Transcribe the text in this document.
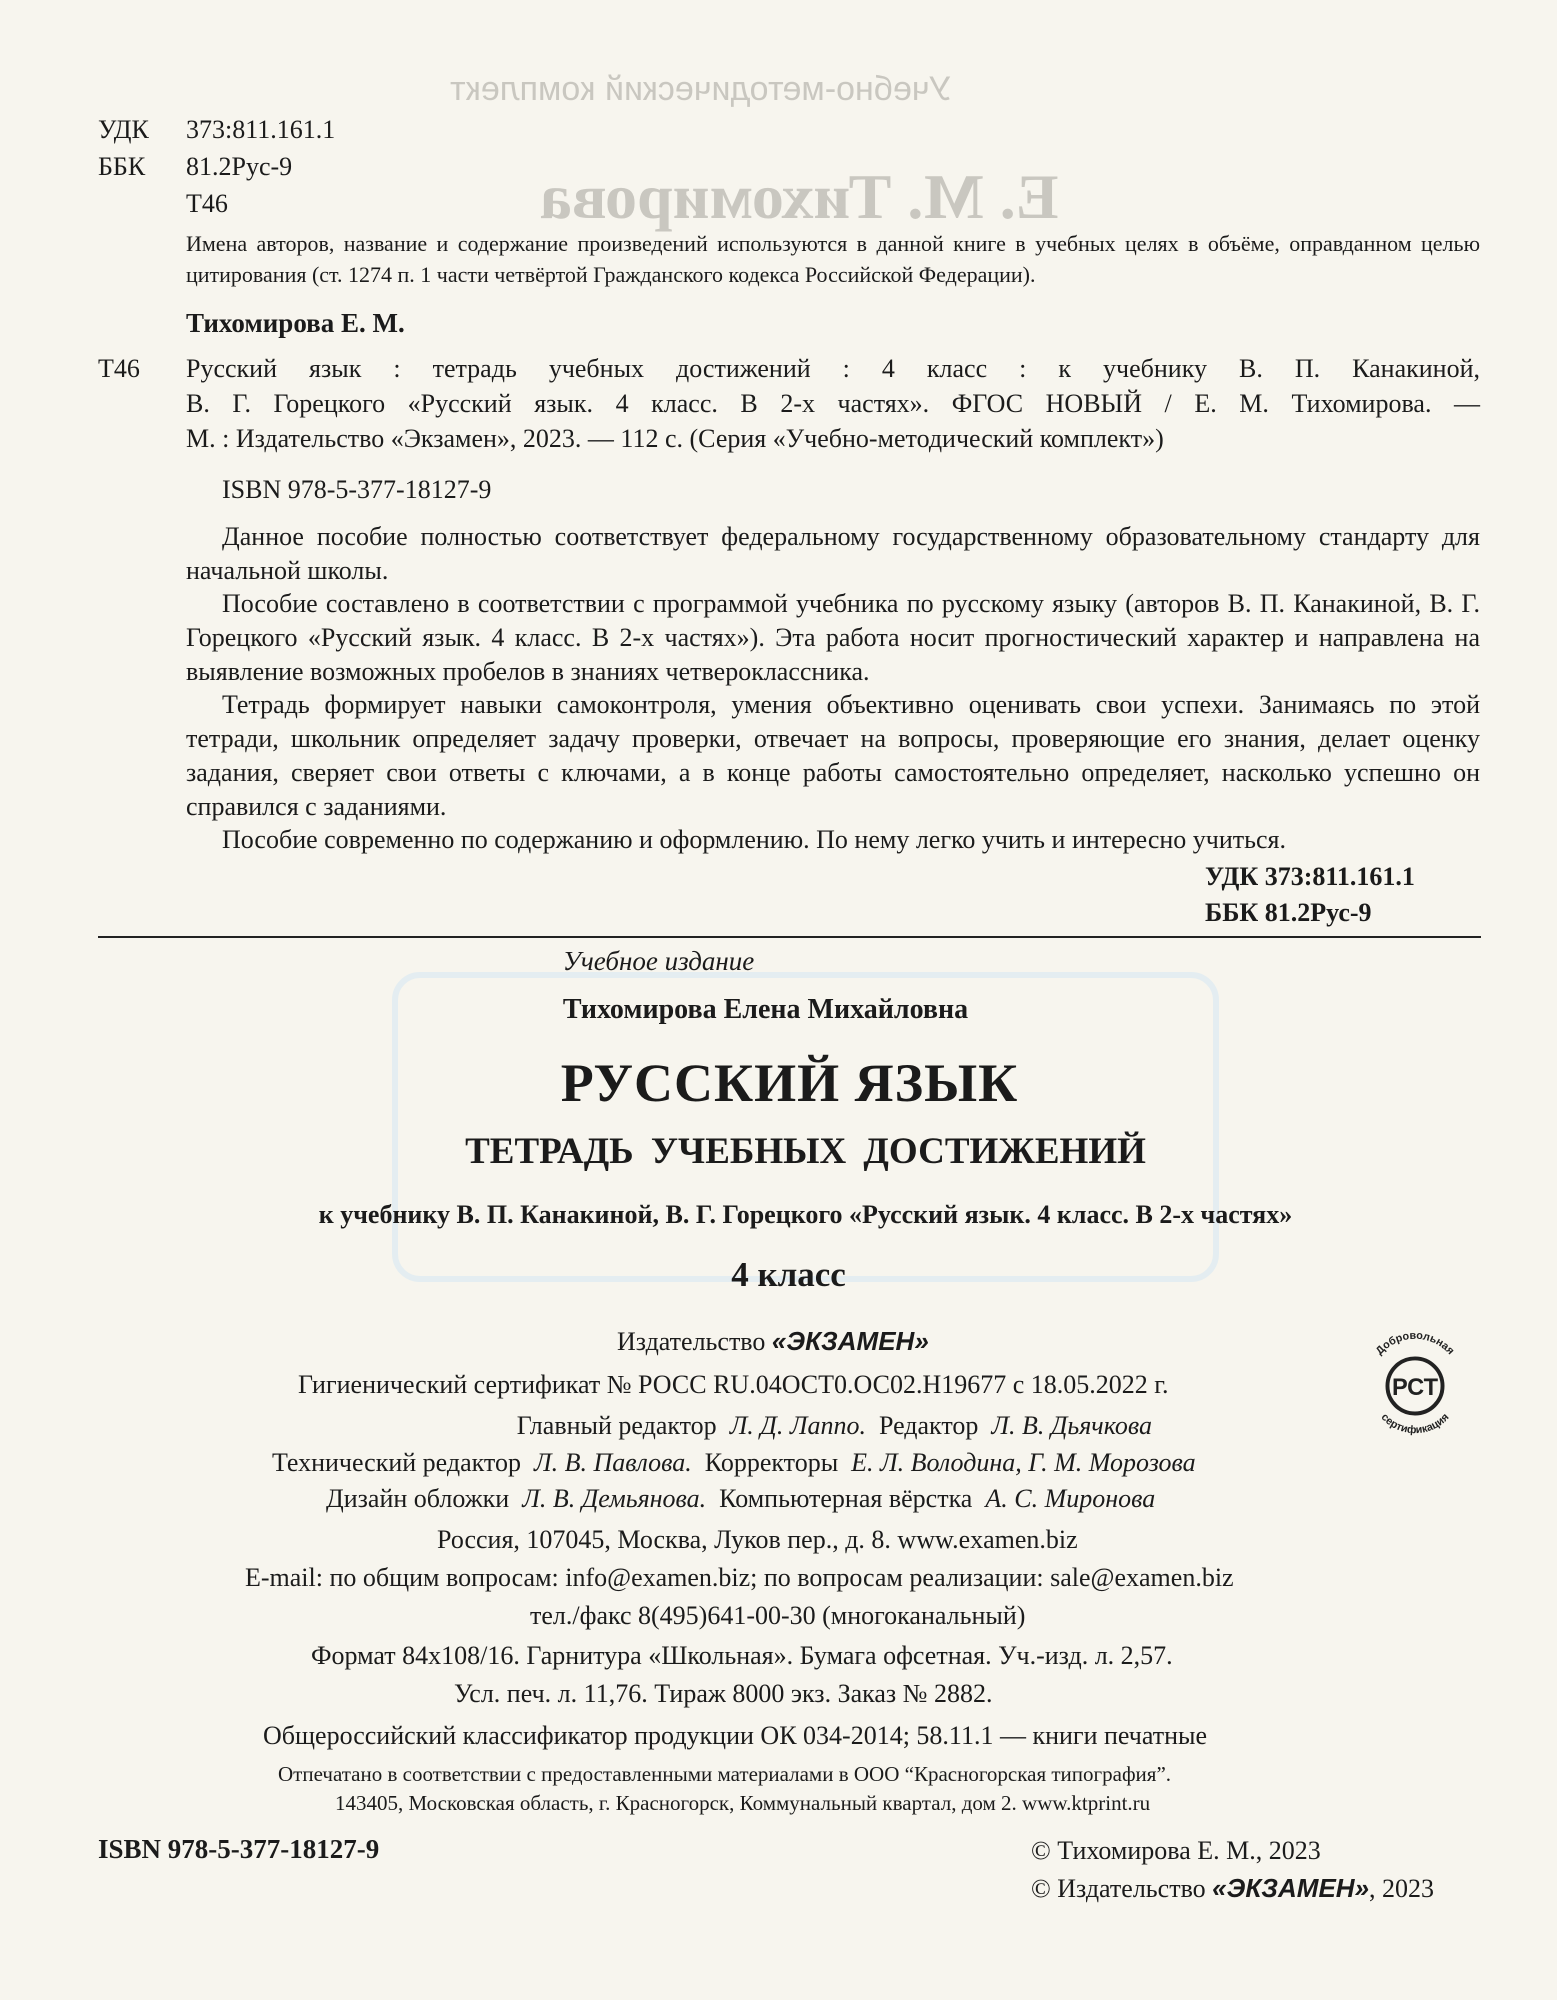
Учебно-методический комплект
Е. М. Тихомирова
УДК 373:811.161.1
ББК 81.2Рус-9
Т46
Имена авторов, название и содержание произведений используются в данной книге в учебных целях в объёме, оправданном целью цитирования (ст. 1274 п. 1 части четвёртой Гражданского кодекса Российской Федерации).
Тихомирова Е. М.
Т46 Русский язык : тетрадь учебных достижений : 4 класс : к учебнику В. П. Канакиной,
В. Г. Горецкого «Русский язык. 4 класс. В 2-х частях». ФГОС НОВЫЙ / Е. М. Тихомирова. —
М. : Издательство «Экзамен», 2023. — 112 с. (Серия «Учебно-методический комплект»)
ISBN 978-5-377-18127-9
Данное пособие полностью соответствует федеральному государственному образовательному стандарту для начальной школы.
Пособие составлено в соответствии с программой учебника по русскому языку (авторов В. П. Канакиной, В. Г. Горецкого «Русский язык. 4 класс. В 2-х частях»). Эта работа носит прогностический характер и направлена на выявление возможных пробелов в знаниях четвероклассника.
Тетрадь формирует навыки самоконтроля, умения объективно оценивать свои успехи. Занимаясь по этой тетради, школьник определяет задачу проверки, отвечает на вопросы, проверяющие его знания, делает оценку задания, сверяет свои ответы с ключами, а в конце работы самостоятельно определяет, насколько успешно он справился с заданиями.
Пособие современно по содержанию и оформлению. По нему легко учить и интересно учиться.
УДК 373:811.161.1
ББК 81.2Рус-9
Учебное издание
Тихомирова Елена Михайловна
РУССКИЙ ЯЗЫК
ТЕТРАДЬ УЧЕБНЫХ ДОСТИЖЕНИЙ
к учебнику В. П. Канакиной, В. Г. Горецкого «Русский язык. 4 класс. В 2-х частях»
4 класс
Издательство «ЭКЗАМЕН»
Гигиенический сертификат № РОСС RU.04ОСТ0.ОС02.Н19677 с 18.05.2022 г.
Главный редактор Л. Д. Лаппо. Редактор Л. В. Дьячкова
Технический редактор Л. В. Павлова. Корректоры Е. Л. Володина, Г. М. Морозова
Дизайн обложки Л. В. Демьянова. Компьютерная вёрстка А. С. Миронова
Россия, 107045, Москва, Луков пер., д. 8. www.examen.biz
E-mail: по общим вопросам: info@examen.biz; по вопросам реализации: sale@examen.biz
тел./факс 8(495)641-00-30 (многоканальный)
Формат 84х108/16. Гарнитура «Школьная». Бумага офсетная. Уч.-изд. л. 2,57.
Усл. печ. л. 11,76. Тираж 8000 экз. Заказ № 2882.
Общероссийский классификатор продукции ОК 034-2014; 58.11.1 — книги печатные
Отпечатано в соответствии с предоставленными материалами в ООО “Красногорская типография”.
143405, Московская область, г. Красногорск, Коммунальный квартал, дом 2. www.ktprint.ru
Добровольная
сертификация
РСТ
ISBN 978-5-377-18127-9	© Тихомирова Е. М., 2023
© Издательство «ЭКЗАМЕН», 2023
